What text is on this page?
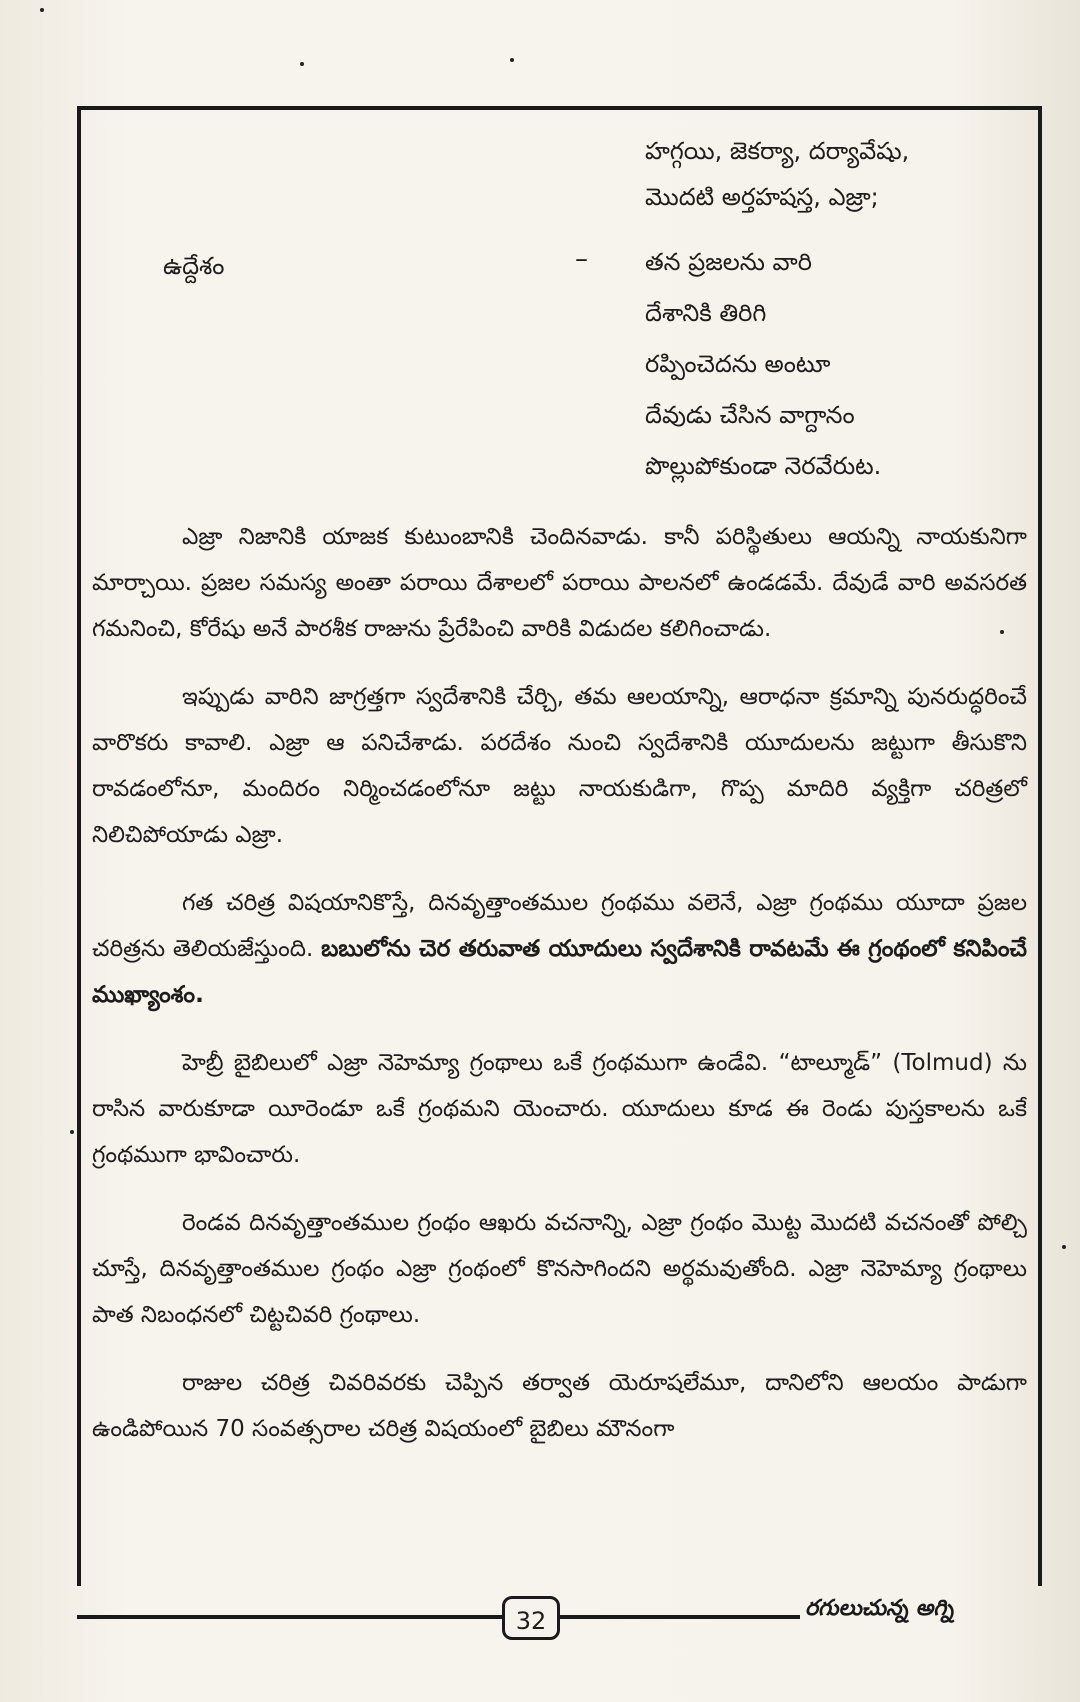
హగ్గయి, జెకర్యా, దర్యావేషు,
మొదటి అర్తహషస్త, ఎజ్రా;
ఉద్దేశం	– తన ప్రజలను వారి
దేశానికి తిరిగి
రప్పించెదను అంటూ
దేవుడు చేసిన వాగ్దానం
పొల్లుపోకుండా నెరవేరుట.

ఎజ్రా నిజానికి యాజక కుటుంబానికి చెందినవాడు. కానీ పరిస్థితులు ఆయన్ని నాయకునిగా మార్చాయి. ప్రజల సమస్య అంతా పరాయి దేశాలలో పరాయి పాలనలో ఉండడమే. దేవుడే వారి అవసరత గమనించి, కోరేషు అనే పారశీక రాజును ప్రేరేపించి వారికి విడుదల కలిగించాడు.

ఇప్పుడు వారిని జాగ్రత్తగా స్వదేశానికి చేర్చి, తమ ఆలయాన్ని, ఆరాధనా క్రమాన్ని పునరుద్ధరించే వారొకరు కావాలి. ఎజ్రా ఆ పనిచేశాడు. పరదేశం నుంచి స్వదేశానికి యూదులను జట్టుగా తీసుకొని రావడంలోనూ, మందిరం నిర్మించడంలోనూ జట్టు నాయకుడిగా, గొప్ప మాదిరి వ్యక్తిగా చరిత్రలో నిలిచిపోయాడు ఎజ్రా.

గత చరిత్ర విషయానికొస్తే, దినవృత్తాంతముల గ్రంథము వలెనే, ఎజ్రా గ్రంథము యూదా ప్రజల చరిత్రను తెలియజేస్తుంది. బబులోను చెర తరువాత యూదులు స్వదేశానికి రావటమే ఈ గ్రంథంలో కనిపించే ముఖ్యాంశం.

హెబ్రీ బైబిలులో ఎజ్రా నెహెమ్యా గ్రంథాలు ఒకే గ్రంథముగా ఉండేవి. “టాల్మూడ్” (Tolmud) ను రాసిన వారుకూడా యీరెండూ ఒకే గ్రంథమని యెంచారు. యూదులు కూడ ఈ రెండు పుస్తకాలను ఒకే గ్రంథముగా భావించారు.

రెండవ దినవృత్తాంతముల గ్రంథం ఆఖరు వచనాన్ని, ఎజ్రా గ్రంథం మొట్ట మొదటి వచనంతో పోల్చి చూస్తే, దినవృత్తాంతముల గ్రంథం ఎజ్రా గ్రంథంలో కొనసాగిందని అర్థమవుతోంది. ఎజ్రా నెహెమ్యా గ్రంథాలు పాత నిబంధనలో చిట్టచివరి గ్రంథాలు.

రాజుల చరిత్ర చివరివరకు చెప్పిన తర్వాత యెరూషలేమూ, దానిలోని ఆలయం పాడుగా ఉండిపోయిన 70 సంవత్సరాల చరిత్ర విషయంలో బైబిలు మౌనంగా

32	రగులుచున్న అగ్ని
